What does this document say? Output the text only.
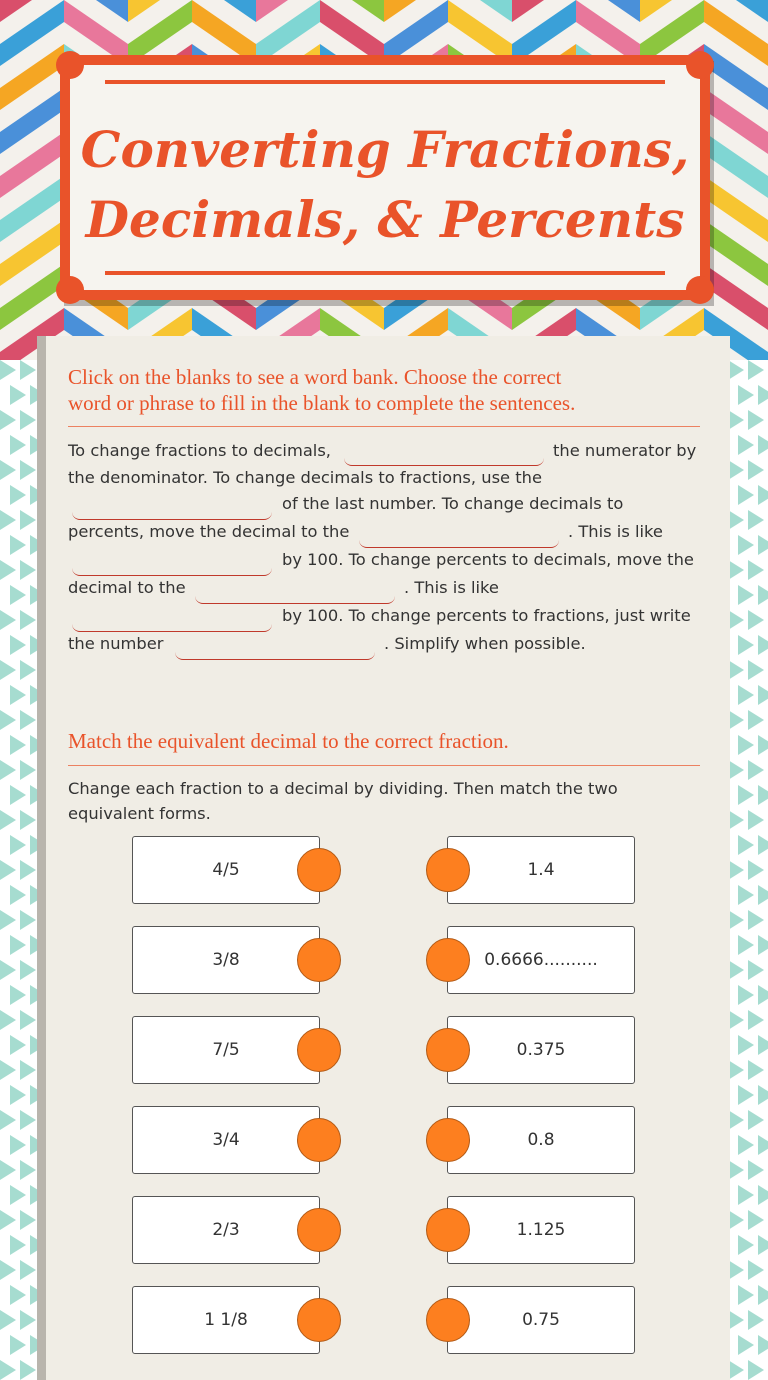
Converting Fractions,
Decimals, & Percents
Click on the blanks to see a word bank. Choose the correct
word or phrase to fill in the blank to complete the sentences.
To change fractions to decimals,	the numerator by
the denominator. To change decimals to fractions, use the
of the last number. To change decimals to
percents, move the decimal to the	. This is like
by 100. To change percents to decimals, move the
decimal to the	. This is like
by 100. To change percents to fractions, just write
the number	. Simplify when possible.
Match the equivalent decimal to the correct fraction.
Change each fraction to a decimal by dividing. Then match the two
equivalent forms.
4/5	1.4
3/8	0.6666..........
7/5	0.375
3/4	0.8
2/3	1.125
1 1/8	0.75
